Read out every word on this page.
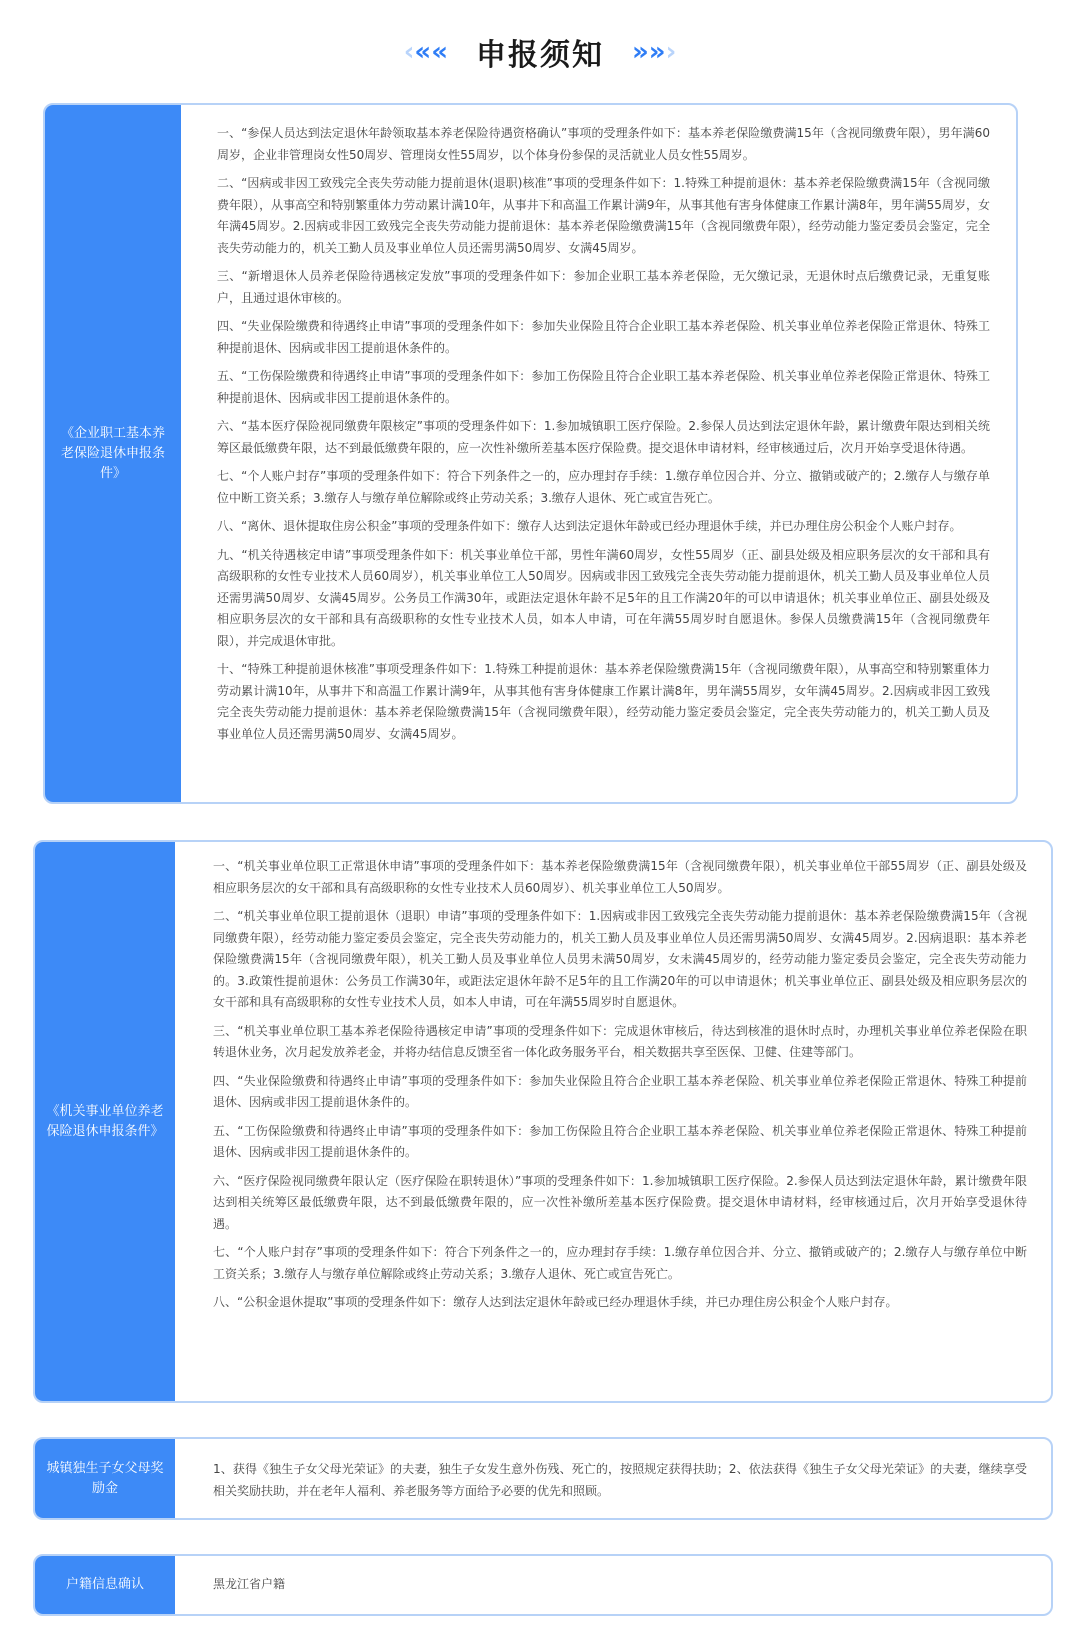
‹ «« 申报须知 »» ›
《企业职工基本养老保险退休申报条件》

一、“参保人员达到法定退休年龄领取基本养老保险待遇资格确认”事项的受理条件如下：基本养老保险缴费满15年（含视同缴费年限），男年满60周岁，企业非管理岗女性50周岁、管理岗女性55周岁，以个体身份参保的灵活就业人员女性55周岁。

二、“因病或非因工致残完全丧失劳动能力提前退休(退职)核准”事项的受理条件如下：1.特殊工种提前退休：基本养老保险缴费满15年（含视同缴费年限），从事高空和特别繁重体力劳动累计满10年，从事井下和高温工作累计满9年，从事其他有害身体健康工作累计满8年，男年满55周岁，女年满45周岁。2.因病或非因工致残完全丧失劳动能力提前退休：基本养老保险缴费满15年（含视同缴费年限），经劳动能力鉴定委员会鉴定，完全丧失劳动能力的，机关工勤人员及事业单位人员还需男满50周岁、女满45周岁。

三、“新增退休人员养老保险待遇核定发放”事项的受理条件如下：参加企业职工基本养老保险，无欠缴记录，无退休时点后缴费记录，无重复账户，且通过退休审核的。

四、“失业保险缴费和待遇终止申请”事项的受理条件如下：参加失业保险且符合企业职工基本养老保险、机关事业单位养老保险正常退休、特殊工种提前退休、因病或非因工提前退休条件的。

五、“工伤保险缴费和待遇终止申请”事项的受理条件如下：参加工伤保险且符合企业职工基本养老保险、机关事业单位养老保险正常退休、特殊工种提前退休、因病或非因工提前退休条件的。

六、“基本医疗保险视同缴费年限核定”事项的受理条件如下：1.参加城镇职工医疗保险。2.参保人员达到法定退休年龄，累计缴费年限达到相关统筹区最低缴费年限，达不到最低缴费年限的，应一次性补缴所差基本医疗保险费。提交退休申请材料，经审核通过后，次月开始享受退休待遇。

七、“个人账户封存”事项的受理条件如下：符合下列条件之一的，应办理封存手续：1.缴存单位因合并、分立、撤销或破产的；2.缴存人与缴存单位中断工资关系；3.缴存人与缴存单位解除或终止劳动关系；3.缴存人退休、死亡或宣告死亡。

八、“离休、退休提取住房公积金”事项的受理条件如下：缴存人达到法定退休年龄或已经办理退休手续，并已办理住房公积金个人账户封存。

九、“机关待遇核定申请”事项受理条件如下：机关事业单位干部，男性年满60周岁，女性55周岁（正、副县处级及相应职务层次的女干部和具有高级职称的女性专业技术人员60周岁），机关事业单位工人50周岁。因病或非因工致残完全丧失劳动能力提前退休，机关工勤人员及事业单位人员还需男满50周岁、女满45周岁。公务员工作满30年，或距法定退休年龄不足5年的且工作满20年的可以申请退休；机关事业单位正、副县处级及相应职务层次的女干部和具有高级职称的女性专业技术人员，如本人申请，可在年满55周岁时自愿退休。参保人员缴费满15年（含视同缴费年限），并完成退休审批。

十、“特殊工种提前退休核准”事项受理条件如下：1.特殊工种提前退休：基本养老保险缴费满15年（含视同缴费年限），从事高空和特别繁重体力劳动累计满10年，从事井下和高温工作累计满9年，从事其他有害身体健康工作累计满8年，男年满55周岁，女年满45周岁。2.因病或非因工致残完全丧失劳动能力提前退休：基本养老保险缴费满15年（含视同缴费年限），经劳动能力鉴定委员会鉴定，完全丧失劳动能力的，机关工勤人员及事业单位人员还需男满50周岁、女满45周岁。

《机关事业单位养老保险退休申报条件》

一、“机关事业单位职工正常退休申请”事项的受理条件如下：基本养老保险缴费满15年（含视同缴费年限），机关事业单位干部55周岁（正、副县处级及相应职务层次的女干部和具有高级职称的女性专业技术人员60周岁）、机关事业单位工人50周岁。

二、“机关事业单位职工提前退休（退职）申请”事项的受理条件如下：1.因病或非因工致残完全丧失劳动能力提前退休：基本养老保险缴费满15年（含视同缴费年限），经劳动能力鉴定委员会鉴定，完全丧失劳动能力的，机关工勤人员及事业单位人员还需男满50周岁、女满45周岁。2.因病退职：基本养老保险缴费满15年（含视同缴费年限），机关工勤人员及事业单位人员男未满50周岁，女未满45周岁的，经劳动能力鉴定委员会鉴定，完全丧失劳动能力的。3.政策性提前退休：公务员工作满30年，或距法定退休年龄不足5年的且工作满20年的可以申请退休；机关事业单位正、副县处级及相应职务层次的女干部和具有高级职称的女性专业技术人员，如本人申请，可在年满55周岁时自愿退休。

三、“机关事业单位职工基本养老保险待遇核定申请”事项的受理条件如下：完成退休审核后，待达到核准的退休时点时，办理机关事业单位养老保险在职转退休业务，次月起发放养老金，并将办结信息反馈至省一体化政务服务平台，相关数据共享至医保、卫健、住建等部门。

四、“失业保险缴费和待遇终止申请”事项的受理条件如下：参加失业保险且符合企业职工基本养老保险、机关事业单位养老保险正常退休、特殊工种提前退休、因病或非因工提前退休条件的。

五、“工伤保险缴费和待遇终止申请”事项的受理条件如下：参加工伤保险且符合企业职工基本养老保险、机关事业单位养老保险正常退休、特殊工种提前退休、因病或非因工提前退休条件的。

六、“医疗保险视同缴费年限认定（医疗保险在职转退休）”事项的受理条件如下：1.参加城镇职工医疗保险。2.参保人员达到法定退休年龄，累计缴费年限达到相关统筹区最低缴费年限，达不到最低缴费年限的，应一次性补缴所差基本医疗保险费。提交退休申请材料，经审核通过后，次月开始享受退休待遇。

七、“个人账户封存”事项的受理条件如下：符合下列条件之一的，应办理封存手续：1.缴存单位因合并、分立、撤销或破产的；2.缴存人与缴存单位中断工资关系；3.缴存人与缴存单位解除或终止劳动关系；3.缴存人退休、死亡或宣告死亡。

八、“公积金退休提取”事项的受理条件如下：缴存人达到法定退休年龄或已经办理退休手续，并已办理住房公积金个人账户封存。

城镇独生子女父母奖励金

1、获得《独生子女父母光荣证》的夫妻，独生子女发生意外伤残、死亡的，按照规定获得扶助；2、依法获得《独生子女父母光荣证》的夫妻，继续享受相关奖励扶助，并在老年人福利、养老服务等方面给予必要的优先和照顾。

户籍信息确认	黑龙江省户籍
